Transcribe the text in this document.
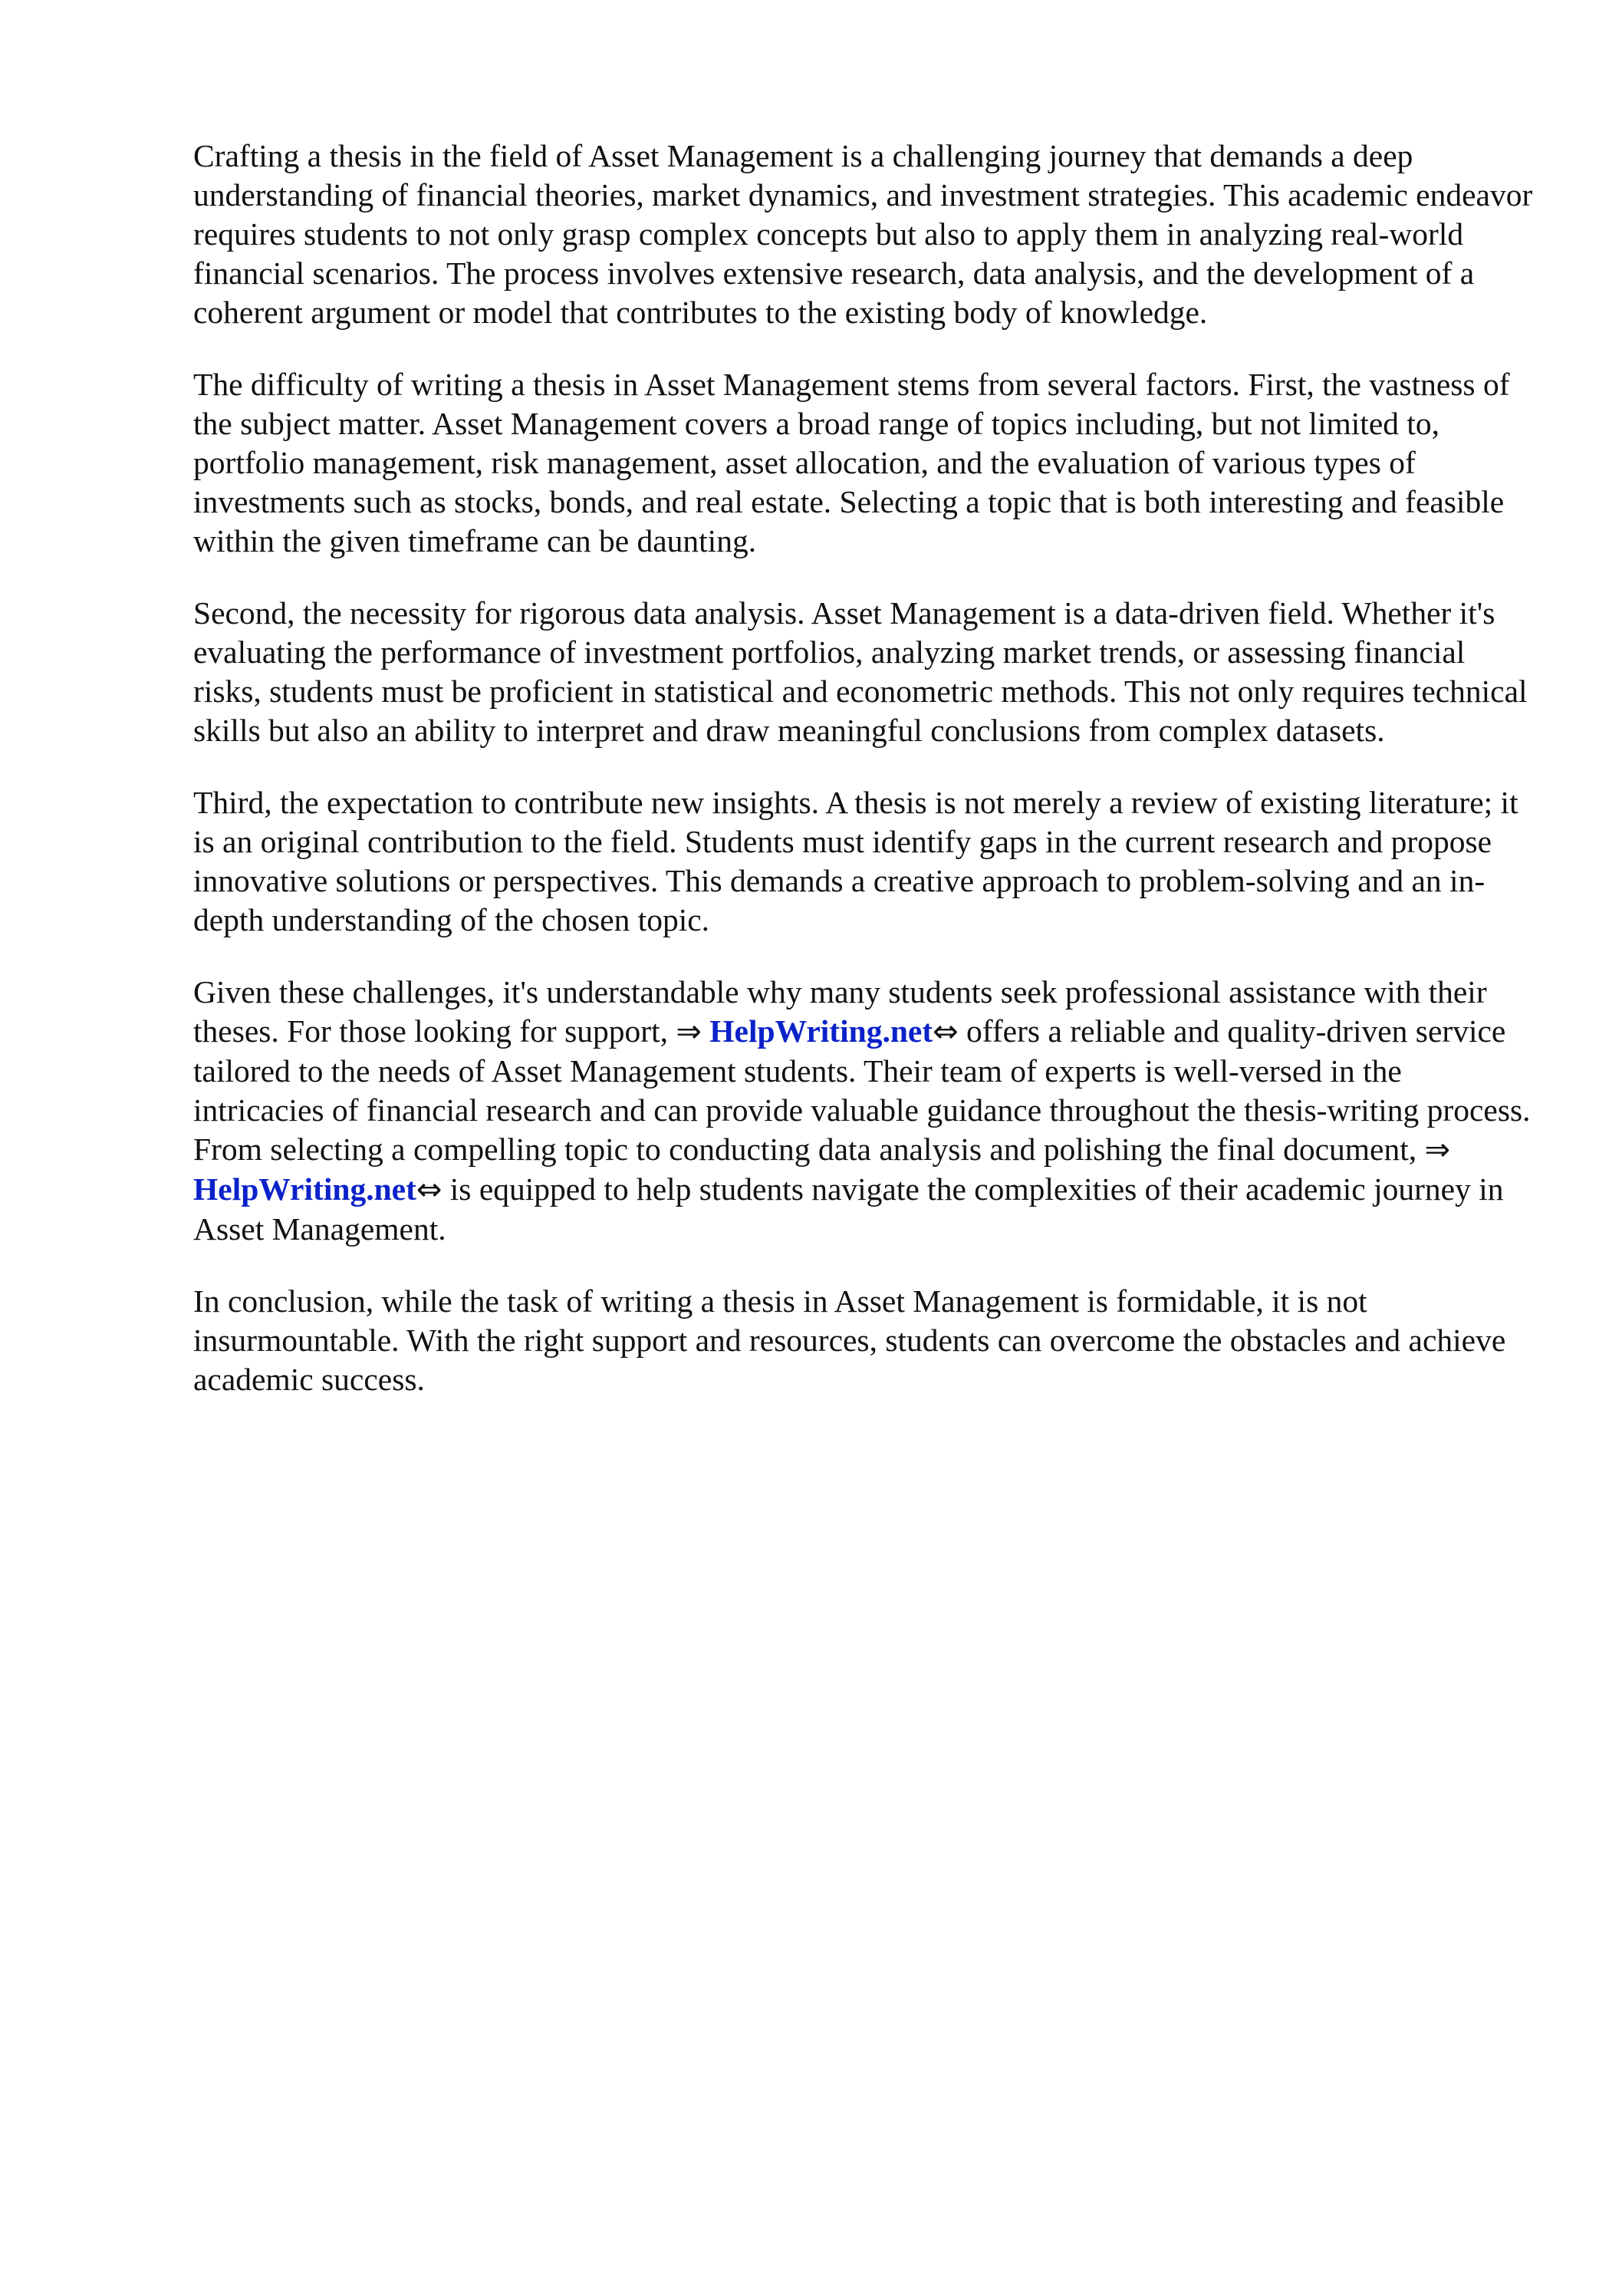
Crafting a thesis in the field of Asset Management is a challenging journey that demands a deep understanding of financial theories, market dynamics, and investment strategies. This academic endeavor requires students to not only grasp complex concepts but also to apply them in analyzing real-world financial scenarios. The process involves extensive research, data analysis, and the development of a coherent argument or model that contributes to the existing body of knowledge.

The difficulty of writing a thesis in Asset Management stems from several factors. First, the vastness of the subject matter. Asset Management covers a broad range of topics including, but not limited to, portfolio management, risk management, asset allocation, and the evaluation of various types of investments such as stocks, bonds, and real estate. Selecting a topic that is both interesting and feasible within the given timeframe can be daunting.

Second, the necessity for rigorous data analysis. Asset Management is a data-driven field. Whether it's evaluating the performance of investment portfolios, analyzing market trends, or assessing financial risks, students must be proficient in statistical and econometric methods. This not only requires technical skills but also an ability to interpret and draw meaningful conclusions from complex datasets.

Third, the expectation to contribute new insights. A thesis is not merely a review of existing literature; it is an original contribution to the field. Students must identify gaps in the current research and propose innovative solutions or perspectives. This demands a creative approach to problem-solving and an in-depth understanding of the chosen topic.

Given these challenges, it's understandable why many students seek professional assistance with their theses. For those looking for support, ⇒ HelpWriting.net⇔ offers a reliable and quality-driven service tailored to the needs of Asset Management students. Their team of experts is well-versed in the intricacies of financial research and can provide valuable guidance throughout the thesis-writing process. From selecting a compelling topic to conducting data analysis and polishing the final document, ⇒ HelpWriting.net⇔ is equipped to help students navigate the complexities of their academic journey in Asset Management.

In conclusion, while the task of writing a thesis in Asset Management is formidable, it is not insurmountable. With the right support and resources, students can overcome the obstacles and achieve academic success.
